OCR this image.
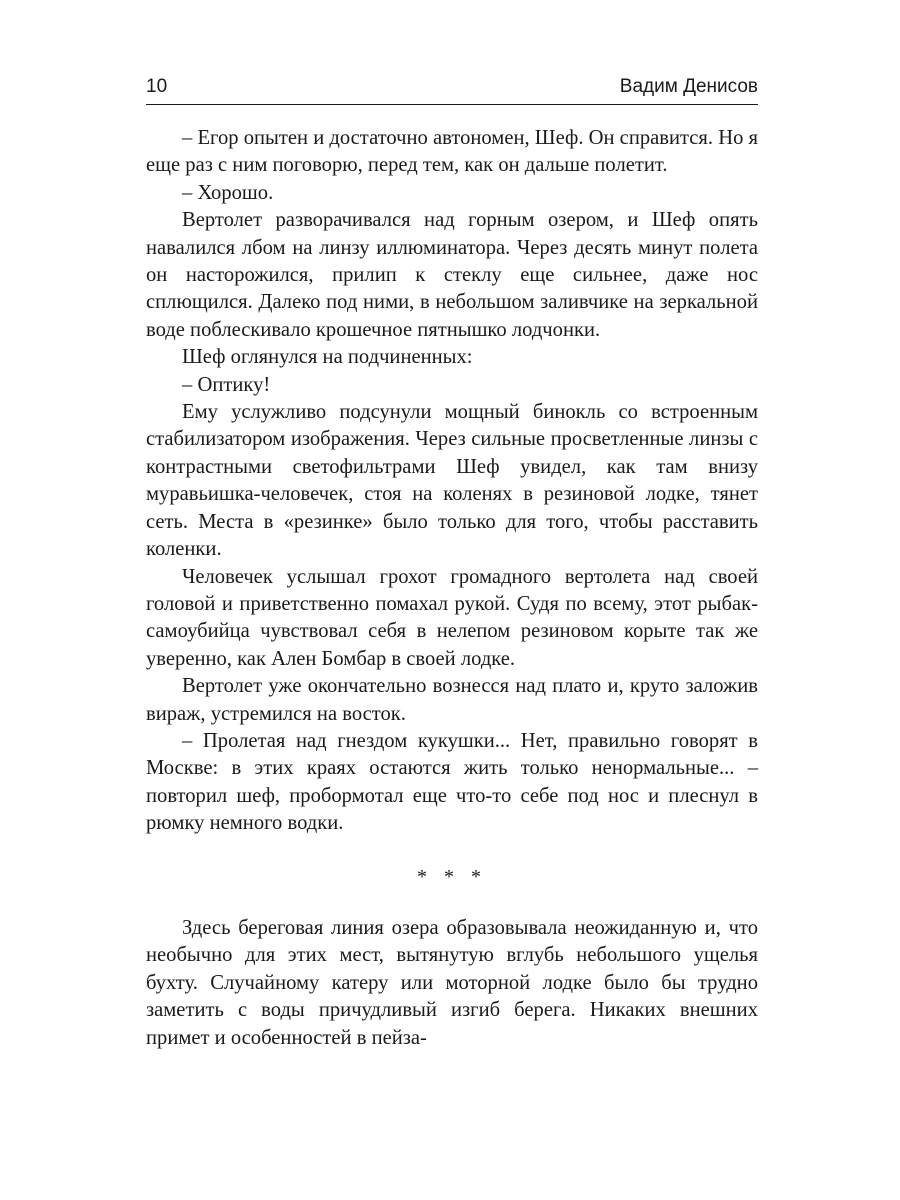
10	Вадим Денисов

– Егор опытен и достаточно автономен, Шеф. Он справится. Но я еще раз с ним поговорю, перед тем, как он дальше полетит.

– Хорошо.

Вертолет разворачивался над горным озером, и Шеф опять навалился лбом на линзу иллюминатора. Через десять минут полета он насторожился, прилип к стеклу еще сильнее, даже нос сплющился. Далеко под ними, в небольшом заливчике на зеркальной воде поблескивало крошечное пятнышко лодчонки.

Шеф оглянулся на подчиненных:

– Оптику!

Ему услужливо подсунули мощный бинокль со встроенным стабилизатором изображения. Через сильные просветленные линзы с контрастными светофильтрами Шеф увидел, как там внизу муравьишка-человечек, стоя на коленях в резиновой лодке, тянет сеть. Места в «резинке» было только для того, чтобы расставить коленки.

Человечек услышал грохот громадного вертолета над своей головой и приветственно помахал рукой. Судя по всему, этот рыбак-самоубийца чувствовал себя в нелепом резиновом корыте так же уверенно, как Ален Бомбар в своей лодке.

Вертолет уже окончательно вознесся над плато и, круто заложив вираж, устремился на восток.

– Пролетая над гнездом кукушки... Нет, правильно говорят в Москве: в этих краях остаются жить только ненормальные... – повторил шеф, пробормотал еще что-то себе под нос и плеснул в рюмку немного водки.

* * *

Здесь береговая линия озера образовывала неожиданную и, что необычно для этих мест, вытянутую вглубь небольшого ущелья бухту. Случайному катеру или моторной лодке было бы трудно заметить с воды причудливый изгиб берега. Никаких внешних примет и особенностей в пейза-
